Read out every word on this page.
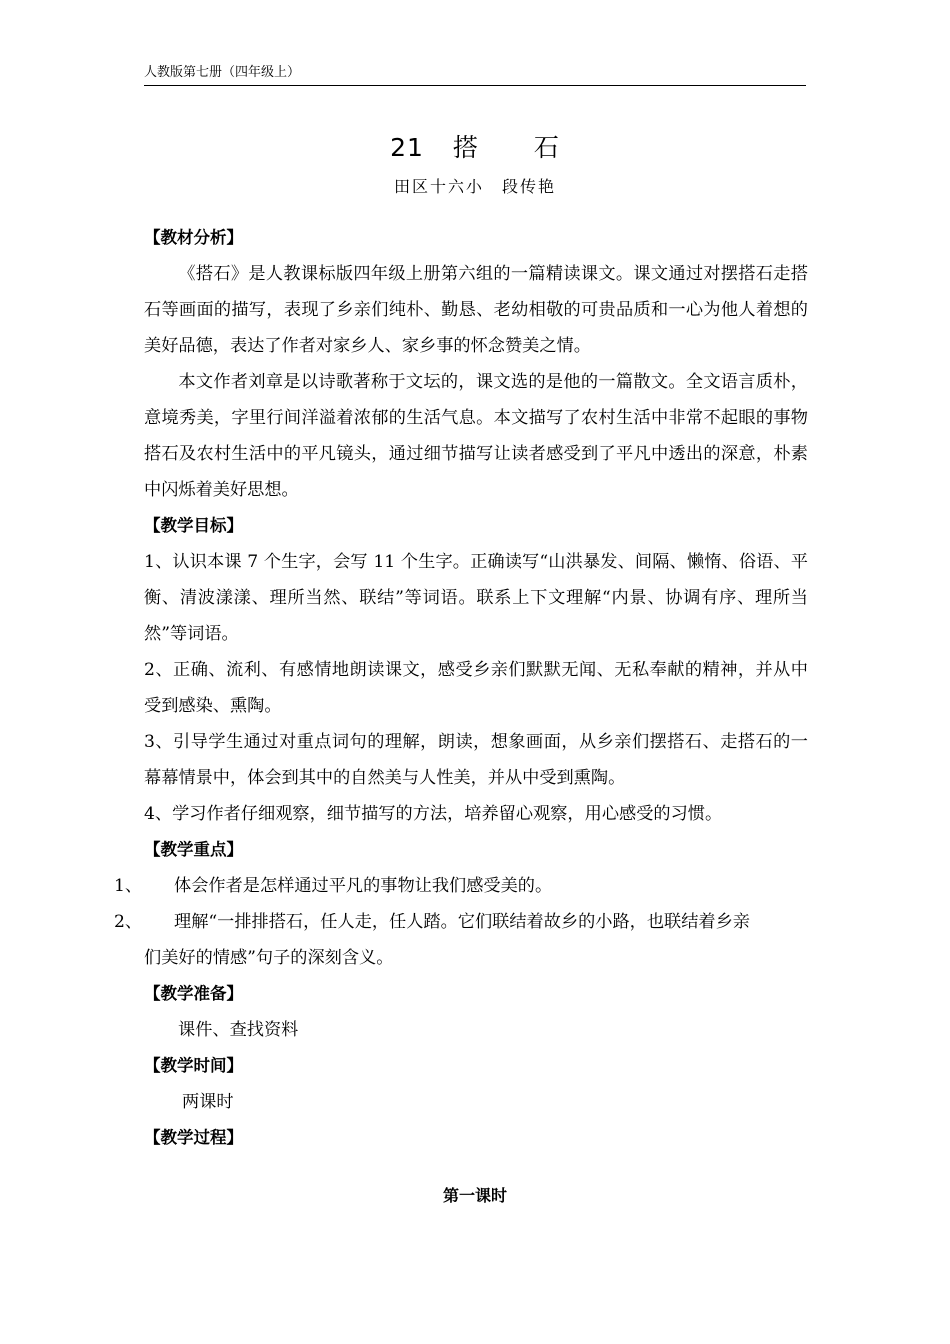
人教版第七册（四年级上）
21 搭　 石
田区十六小　段传艳

【教材分析】

《搭石》是人教课标版四年级上册第六组的一篇精读课文。课文通过对摆搭石走搭石等画面的描写，表现了乡亲们纯朴、勤恳、老幼相敬的可贵品质和一心为他人着想的美好品德，表达了作者对家乡人、家乡事的怀念赞美之情。

本文作者刘章是以诗歌著称于文坛的，课文选的是他的一篇散文。全文语言质朴，意境秀美，字里行间洋溢着浓郁的生活气息。本文描写了农村生活中非常不起眼的事物搭石及农村生活中的平凡镜头，通过细节描写让读者感受到了平凡中透出的深意，朴素中闪烁着美好思想。

【教学目标】

1、认识本课 7 个生字，会写 11 个生字。正确读写“山洪暴发、间隔、懒惰、俗语、平衡、清波漾漾、理所当然、联结”等词语。联系上下文理解“内景、协调有序、理所当然”等词语。

2、正确、流利、有感情地朗读课文，感受乡亲们默默无闻、无私奉献的精神，并从中受到感染、熏陶。

3、引导学生通过对重点词句的理解，朗读，想象画面，从乡亲们摆搭石、走搭石的一幕幕情景中，体会到其中的自然美与人性美，并从中受到熏陶。

4、学习作者仔细观察，细节描写的方法，培养留心观察，用心感受的习惯。

【教学重点】

1、 体会作者是怎样通过平凡的事物让我们感受美的。

2、 理解“一排排搭石，任人走，任人踏。它们联结着故乡的小路，也联结着乡亲

们美好的情感”句子的深刻含义。

【教学准备】

课件、查找资料

【教学时间】

两课时

【教学过程】

第一课时
